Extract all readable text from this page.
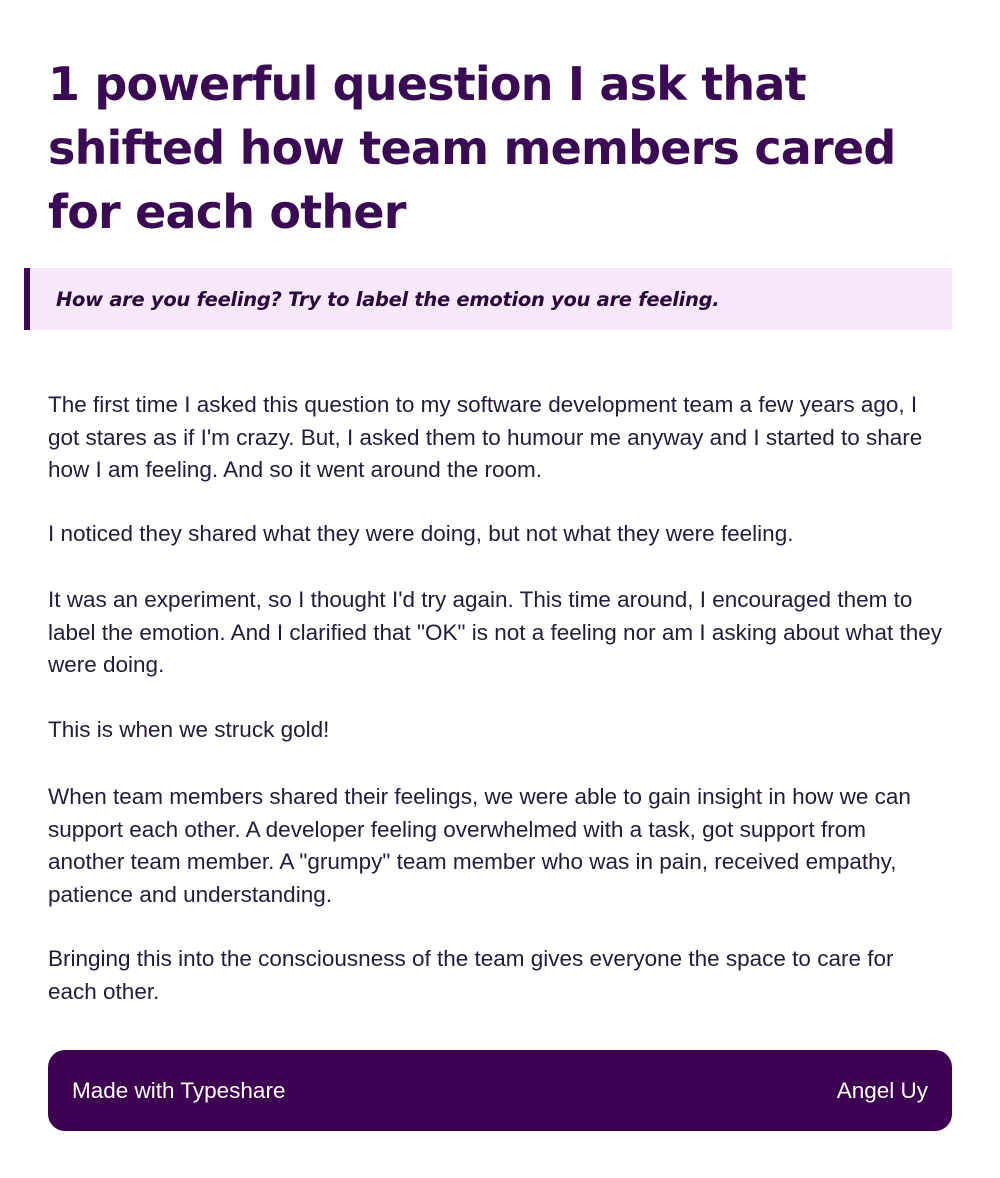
1 powerful question I ask that shifted how team members cared for each other
How are you feeling? Try to label the emotion you are feeling.

The first time I asked this question to my software development team a few years ago, I got stares as if I'm crazy. But, I asked them to humour me anyway and I started to share how I am feeling. And so it went around the room.

I noticed they shared what they were doing, but not what they were feeling.

It was an experiment, so I thought I'd try again. This time around, I encouraged them to label the emotion. And I clarified that "OK" is not a feeling nor am I asking about what they were doing.

This is when we struck gold!

When team members shared their feelings, we were able to gain insight in how we can support each other. A developer feeling overwhelmed with a task, got support from another team member. A "grumpy" team member who was in pain, received empathy, patience and understanding.

Bringing this into the consciousness of the team gives everyone the space to care for each other.

Made with Typeshare	Angel Uy
